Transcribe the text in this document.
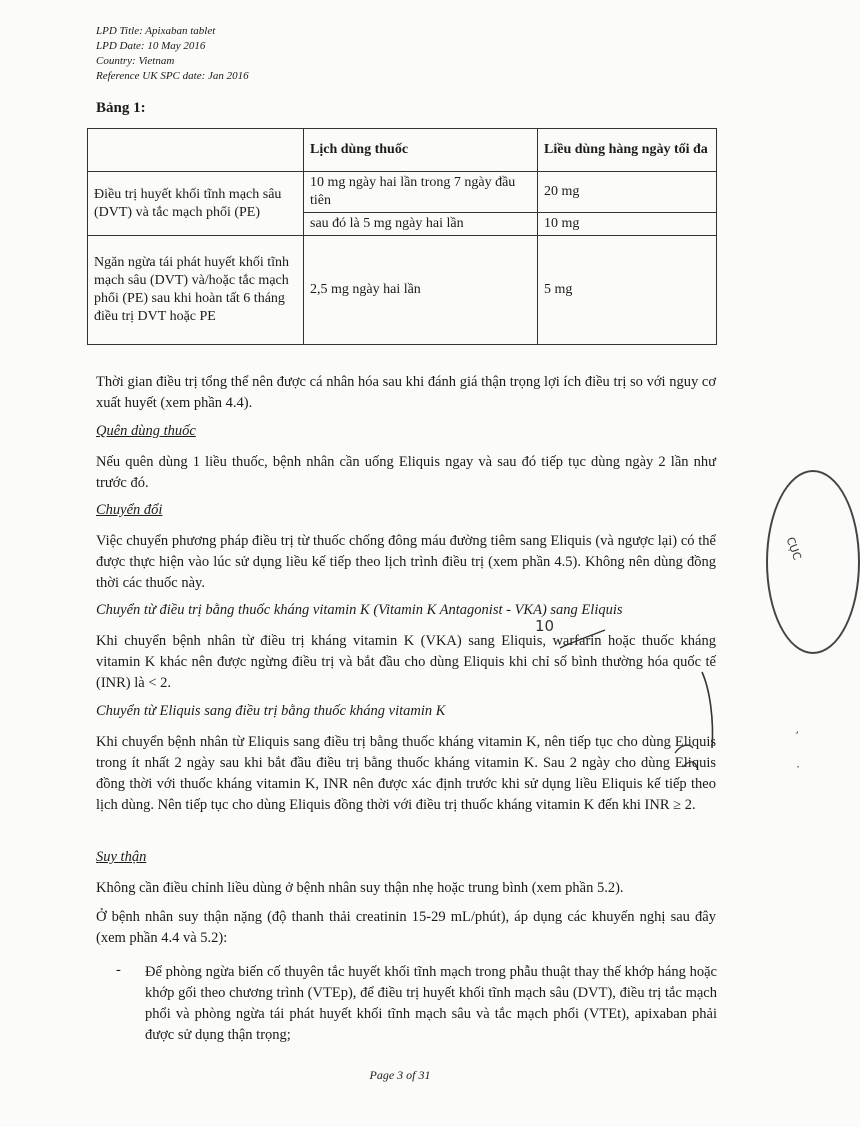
LPD Title: Apixaban tablet
LPD Date: 10 May 2016
Country: Vietnam
Reference UK SPC date: Jan 2016
Bảng 1:
	Lịch dùng thuốc	Liều dùng hàng ngày tối đa
Điều trị huyết khối tĩnh mạch sâu (DVT) và tắc mạch phổi (PE)	10 mg ngày hai lần trong 7 ngày đầu tiên	20 mg
	sau đó là 5 mg ngày hai lần	10 mg
Ngăn ngừa tái phát huyết khối tĩnh mạch sâu (DVT) và/hoặc tắc mạch phổi (PE) sau khi hoàn tất 6 tháng điều trị DVT hoặc PE	2,5 mg ngày hai lần	5 mg
Thời gian điều trị tổng thể nên được cá nhân hóa sau khi đánh giá thận trọng lợi ích điều trị so với nguy cơ xuất huyết (xem phần 4.4).
Quên dùng thuốc
Nếu quên dùng 1 liều thuốc, bệnh nhân cần uống Eliquis ngay và sau đó tiếp tục dùng ngày 2 lần như trước đó.
Chuyển đổi
Việc chuyển phương pháp điều trị từ thuốc chống đông máu đường tiêm sang Eliquis (và ngược lại) có thể được thực hiện vào lúc sử dụng liều kế tiếp theo lịch trình điều trị (xem phần 4.5). Không nên dùng đồng thời các thuốc này.
Chuyển từ điều trị bằng thuốc kháng vitamin K (Vitamin K Antagonist - VKA) sang Eliquis
Khi chuyển bệnh nhân từ điều trị kháng vitamin K (VKA) sang Eliquis, warfarin hoặc thuốc kháng vitamin K khác nên được ngừng điều trị và bắt đầu cho dùng Eliquis khi chỉ số bình thường hóa quốc tế (INR) là < 2.
Chuyển từ Eliquis sang điều trị bằng thuốc kháng vitamin K
Khi chuyển bệnh nhân từ Eliquis sang điều trị bằng thuốc kháng vitamin K, nên tiếp tục cho dùng Eliquis trong ít nhất 2 ngày sau khi bắt đầu điều trị bằng thuốc kháng vitamin K. Sau 2 ngày cho dùng Eliquis đồng thời với thuốc kháng vitamin K, INR nên được xác định trước khi sử dụng liều Eliquis kế tiếp theo lịch dùng. Nên tiếp tục cho dùng Eliquis đồng thời với điều trị thuốc kháng vitamin K đến khi INR ≥ 2.
Suy thận
Không cần điều chỉnh liều dùng ở bệnh nhân suy thận nhẹ hoặc trung bình (xem phần 5.2).
Ở bệnh nhân suy thận nặng (độ thanh thải creatinin 15-29 mL/phút), áp dụng các khuyến nghị sau đây (xem phần 4.4 và 5.2):
- Để phòng ngừa biến cố thuyên tắc huyết khối tĩnh mạch trong phẫu thuật thay thế khớp háng hoặc khớp gối theo chương trình (VTEp), để điều trị huyết khối tĩnh mạch sâu (DVT), điều trị tắc mạch phổi và phòng ngừa tái phát huyết khối tĩnh mạch sâu và tắc mạch phổi (VTEt), apixaban phải được sử dụng thận trọng;
Page 3 of 31
CỤC
¸
·
10
